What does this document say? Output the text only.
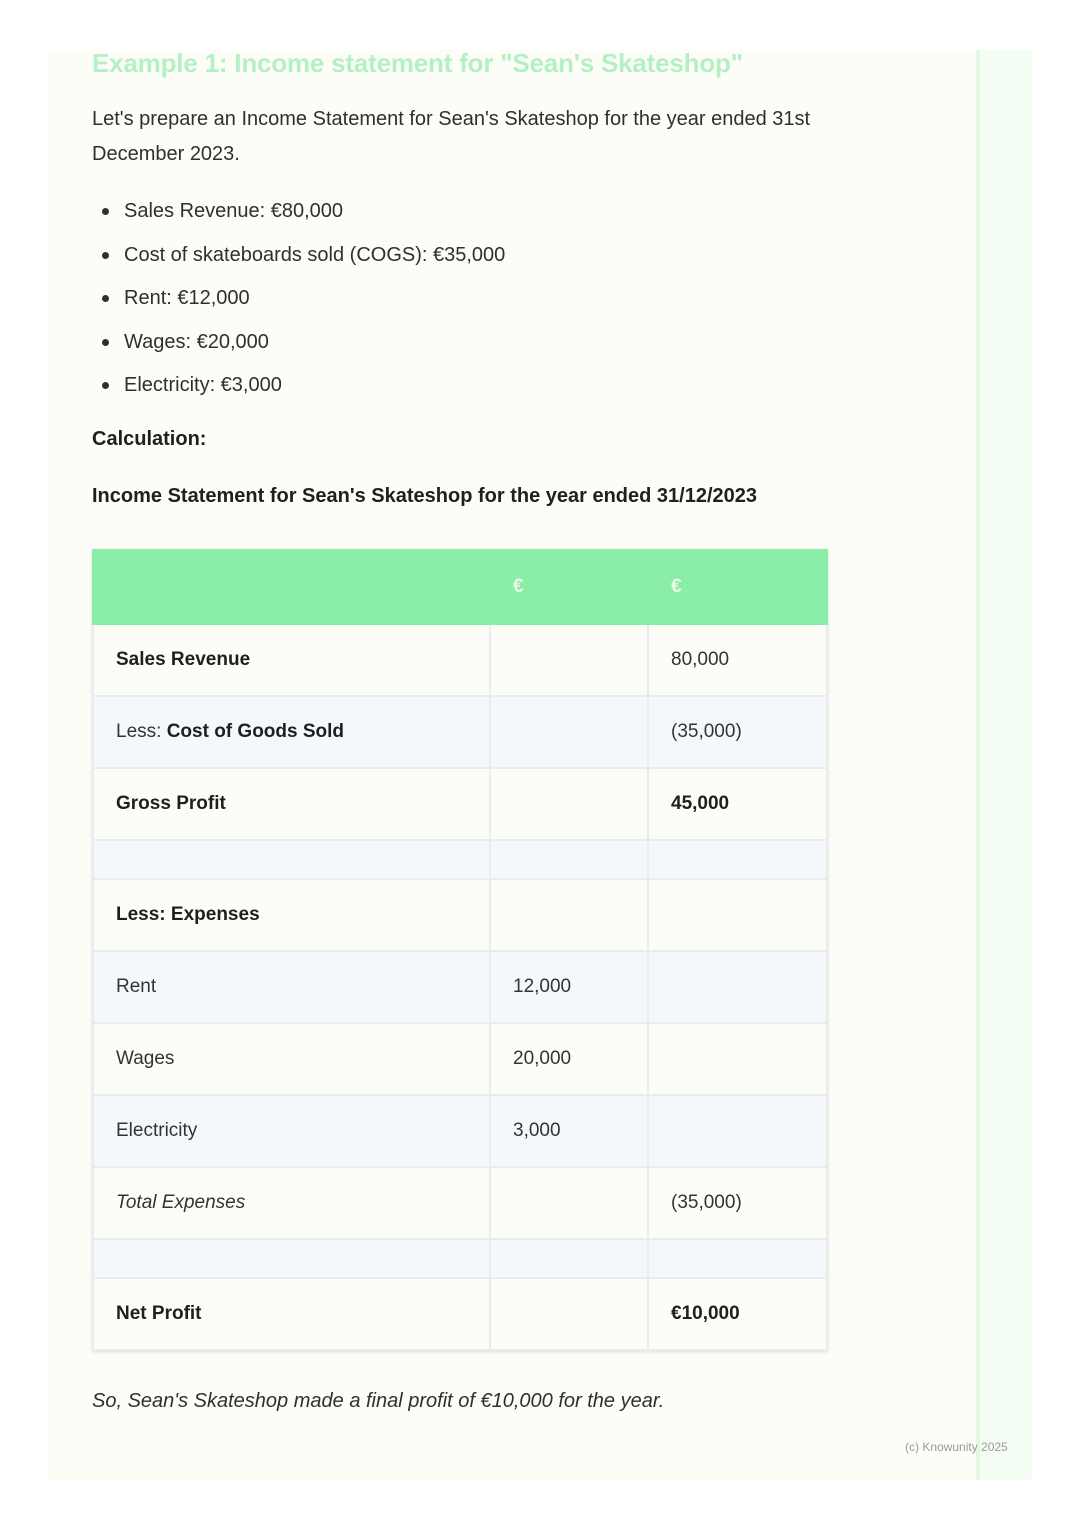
Example 1: Income statement for "Sean's Skateshop"
Let's prepare an Income Statement for Sean's Skateshop for the year ended 31st December 2023.
Sales Revenue: €80,000
Cost of skateboards sold (COGS): €35,000
Rent: €12,000
Wages: €20,000
Electricity: €3,000
Calculation:
Income Statement for Sean's Skateshop for the year ended 31/12/2023
	€	€
Sales Revenue		80,000
Less: Cost of Goods Sold		(35,000)
Gross Profit		45,000

Less: Expenses		
Rent	12,000	
Wages	20,000	
Electricity	3,000	
Total Expenses		(35,000)

Net Profit		€10,000
So, Sean's Skateshop made a final profit of €10,000 for the year.
(c) Knowunity 2025
